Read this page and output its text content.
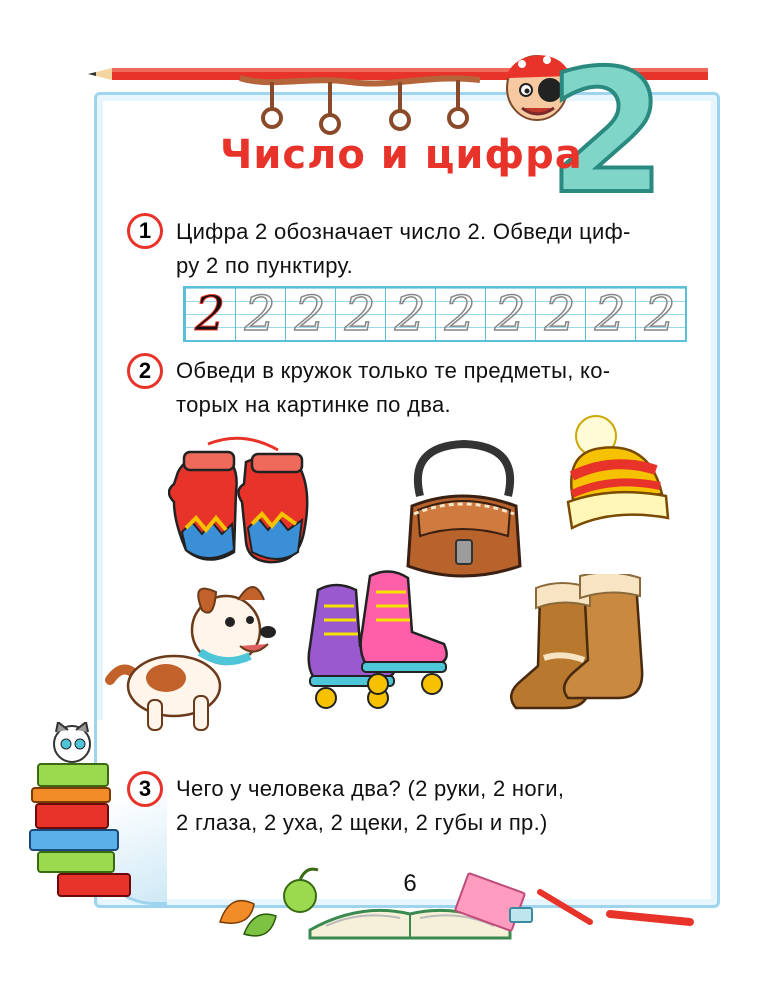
2
Число и цифра
1	Цифра 2 обозначает число 2. Обведи циф-
ру 2 по пунктиру.
2 2 2 2 2 2 2 2 2 2
2	Обведи в кружок только те предметы, ко-
торых на картинке по два.
3	Чего у человека два? (2 руки, 2 ноги,
2 глаза, 2 уха, 2 щеки, 2 губы и пр.)
6
